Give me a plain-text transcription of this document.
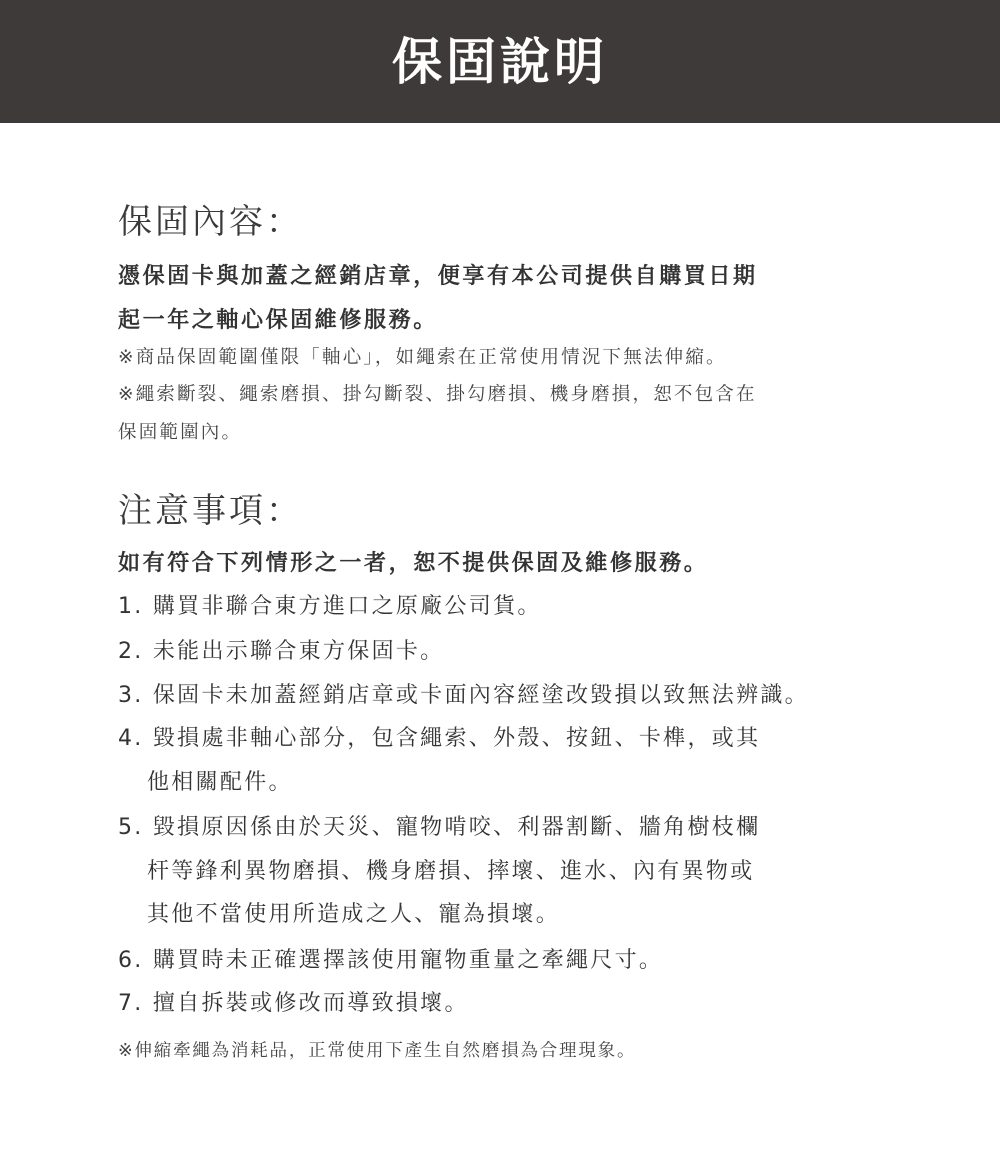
保固說明
保固內容：
憑保固卡與加蓋之經銷店章，便享有本公司提供自購買日期
起一年之軸心保固維修服務。
※商品保固範圍僅限「軸心」，如繩索在正常使用情況下無法伸縮。
※繩索斷裂、繩索磨損、掛勾斷裂、掛勾磨損、機身磨損，恕不包含在
保固範圍內。
注意事項：
如有符合下列情形之一者，恕不提供保固及維修服務。
1. 購買非聯合東方進口之原廠公司貨。
2. 未能出示聯合東方保固卡。
3. 保固卡未加蓋經銷店章或卡面內容經塗改毀損以致無法辨識。
4. 毀損處非軸心部分，包含繩索、外殼、按鈕、卡榫，或其
他相關配件。
5. 毀損原因係由於天災、寵物啃咬、利器割斷、牆角樹枝欄
杆等鋒利異物磨損、機身磨損、摔壞、進水、內有異物或
其他不當使用所造成之人、寵為損壞。
6. 購買時未正確選擇該使用寵物重量之牽繩尺寸。
7. 擅自拆裝或修改而導致損壞。
※伸縮牽繩為消耗品，正常使用下產生自然磨損為合理現象。
